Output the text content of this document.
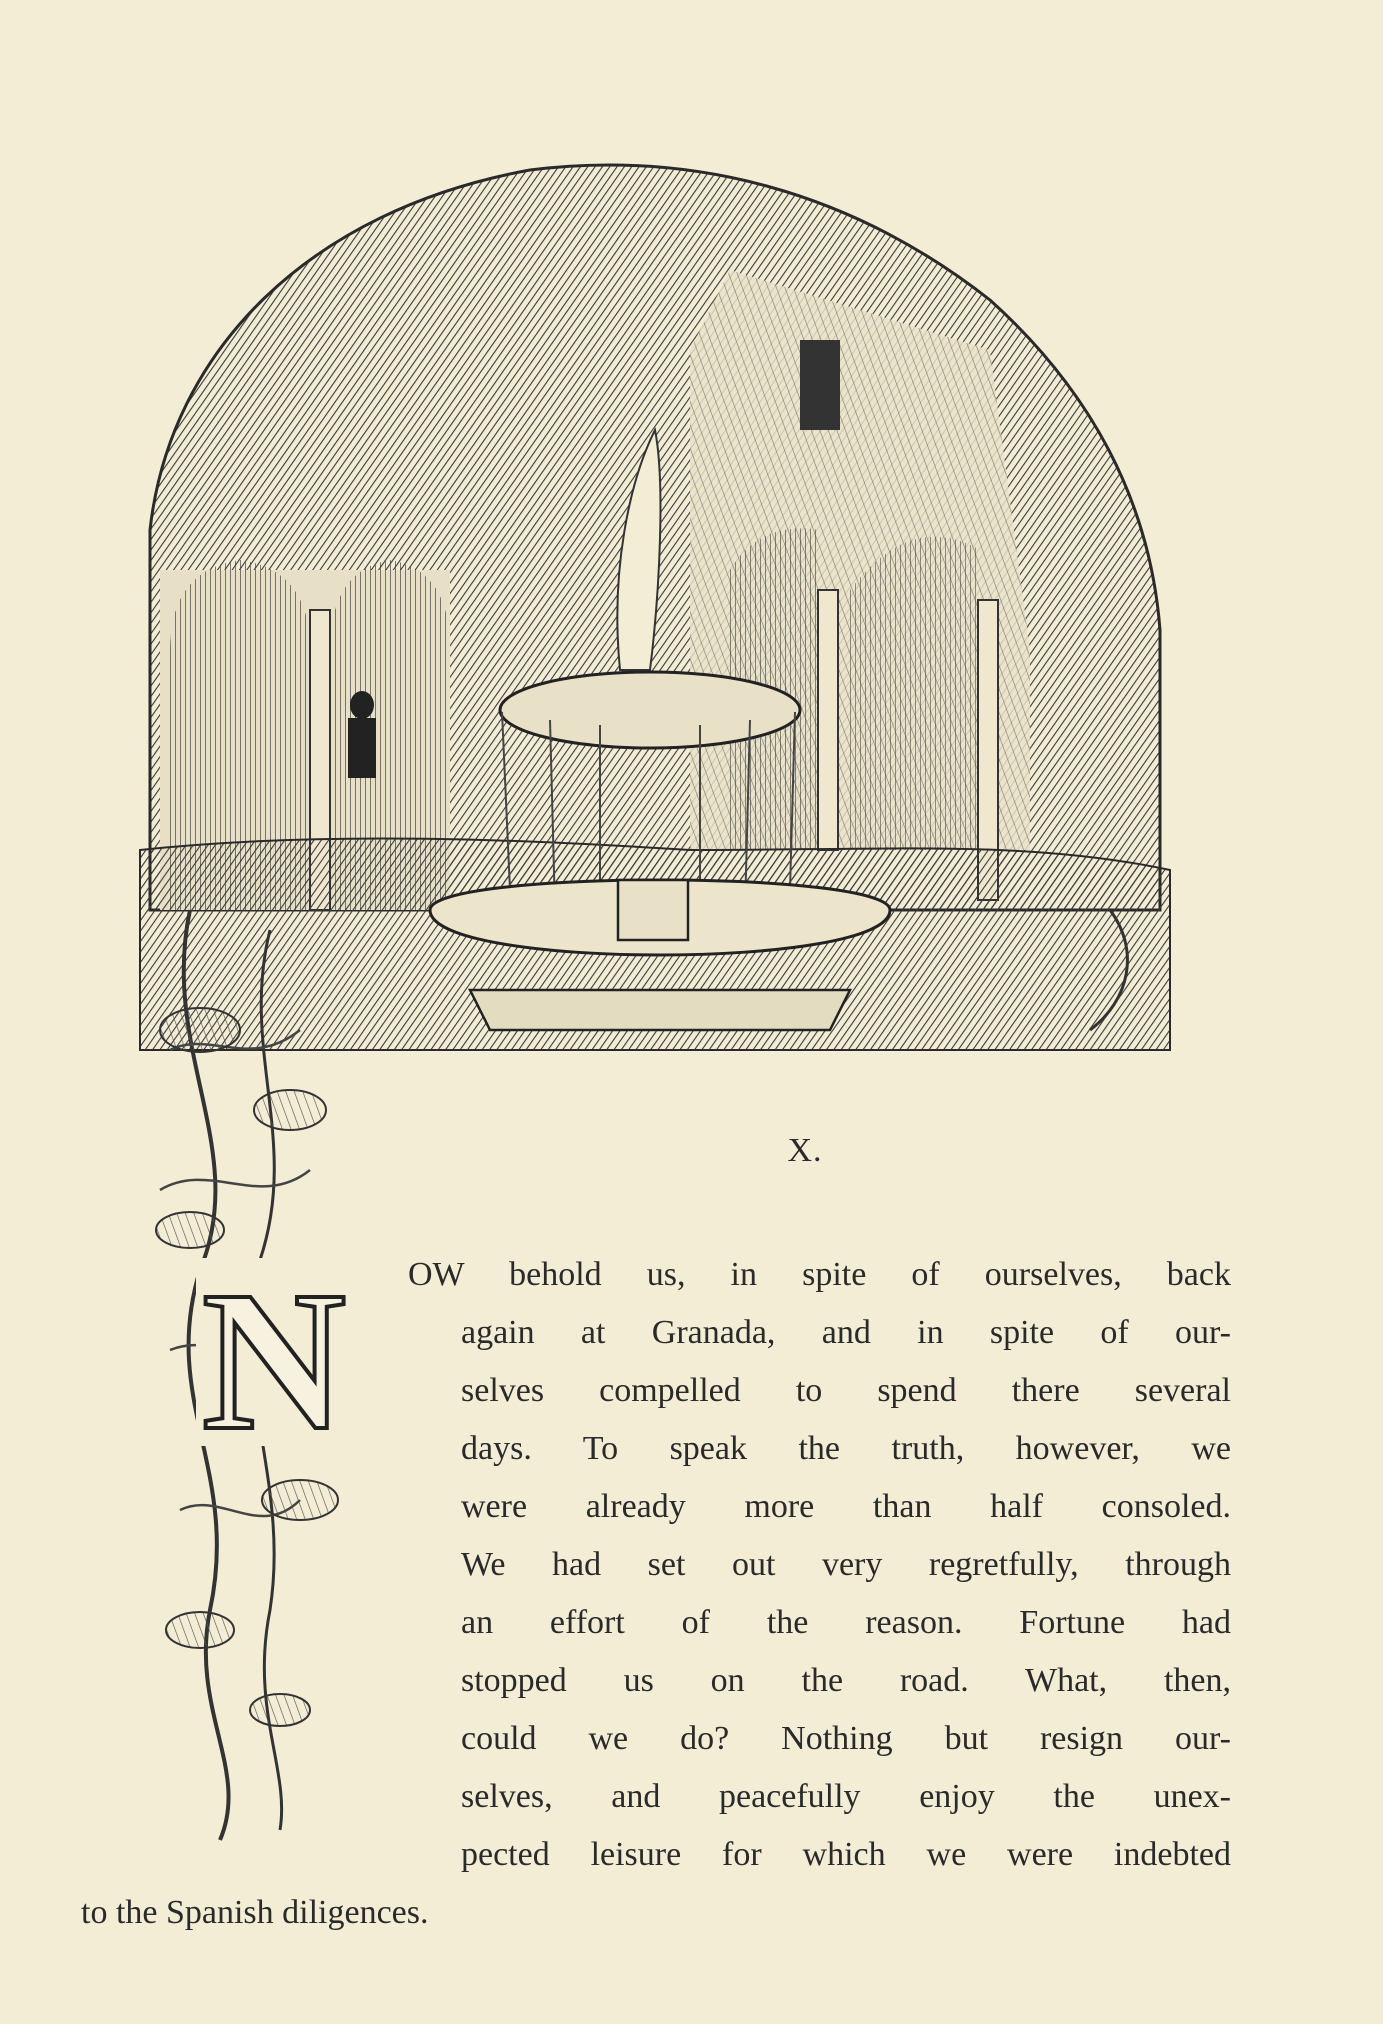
N
X.
OW behold us, in spite of ourselves, back
again at Granada, and in spite of our-
selves compelled to spend there several
days. To speak the truth, however, we
were already more than half consoled.
We had set out very regretfully, through
an effort of the reason. Fortune had
stopped us on the road. What, then,
could we do? Nothing but resign our-
selves, and peacefully enjoy the unex-
pected leisure for which we were indebted
to the Spanish diligences.
